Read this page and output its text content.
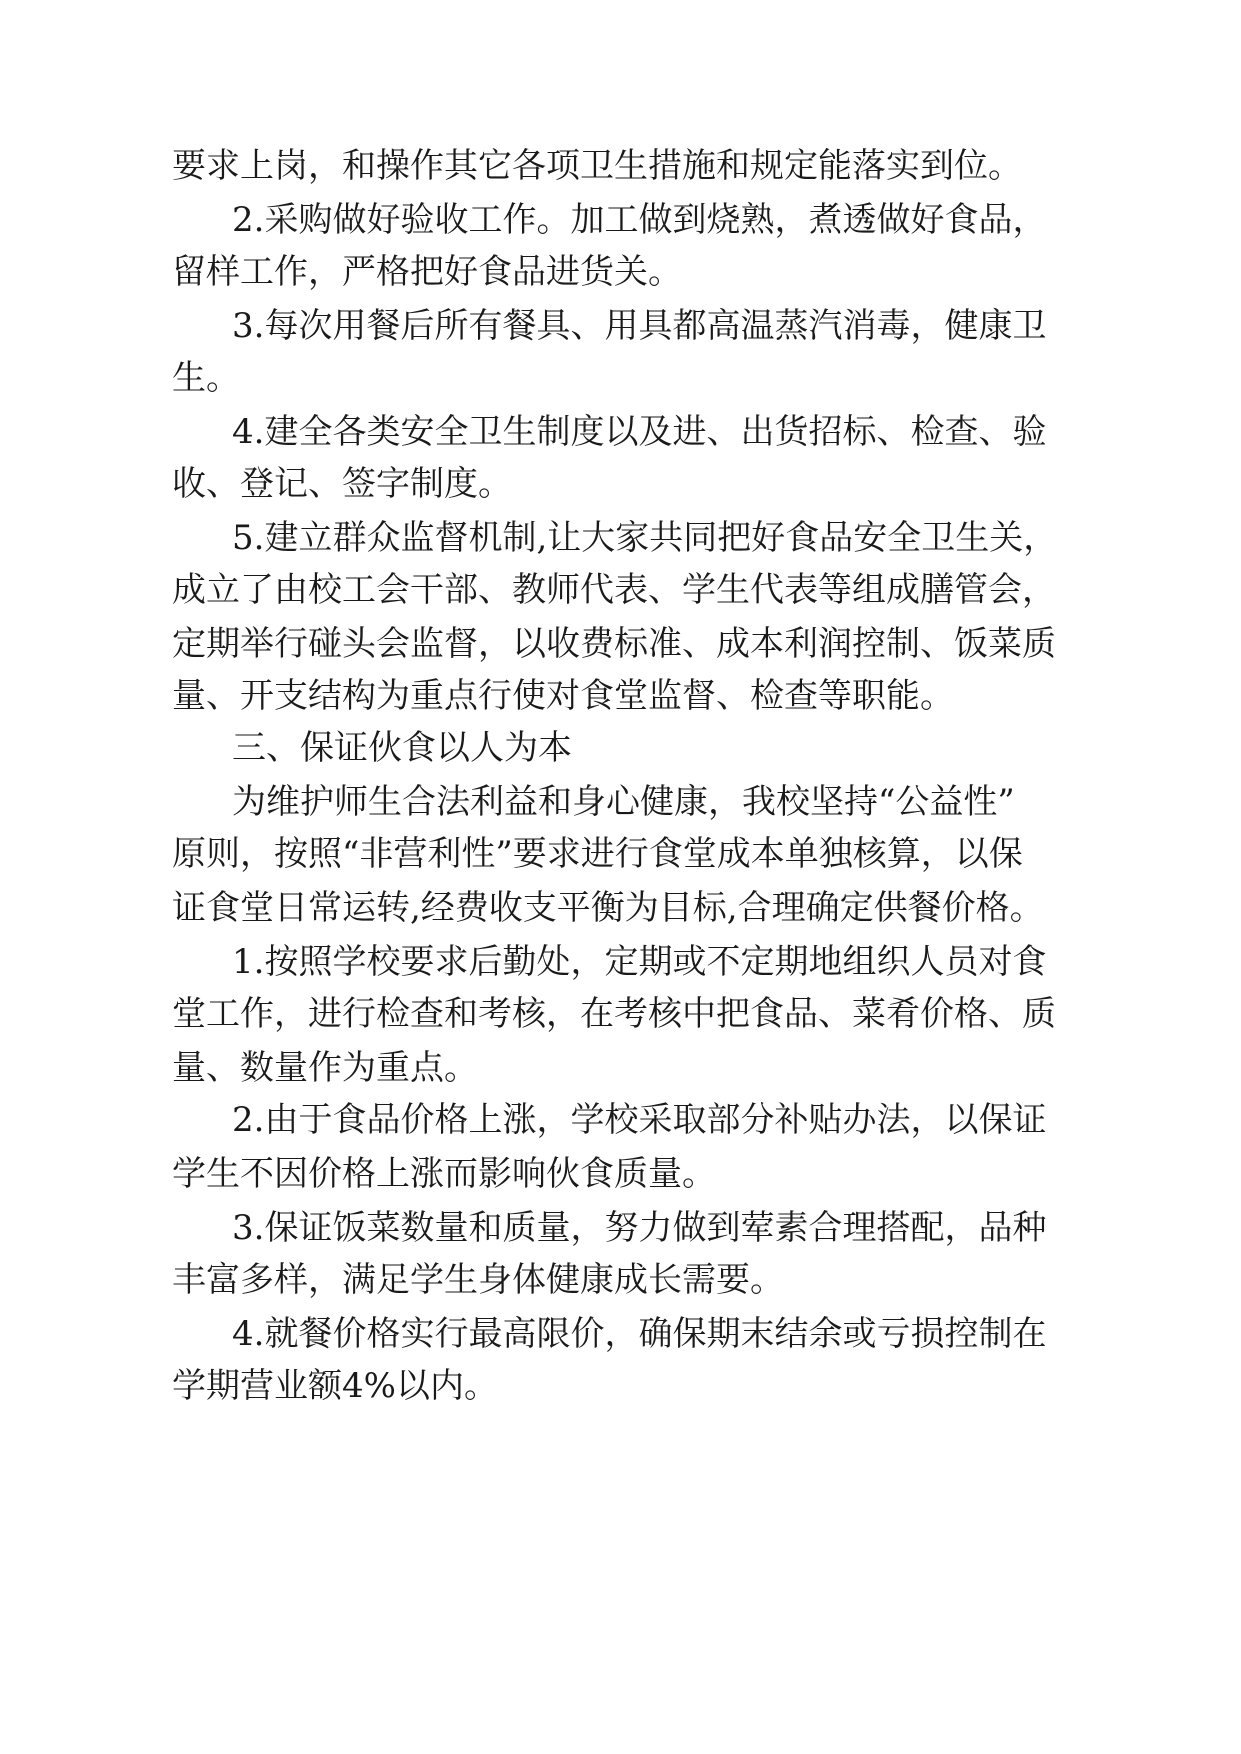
要求上岗，和操作其它各项卫生措施和规定能落实到位。
2.采购做好验收工作。加工做到烧熟，煮透做好食品，
留样工作，严格把好食品进货关。
3.每次用餐后所有餐具、用具都高温蒸汽消毒，健康卫
生。
4.建全各类安全卫生制度以及进、出货招标、检查、验
收、登记、签字制度。
5.建立群众监督机制,让大家共同把好食品安全卫生关，
成立了由校工会干部、教师代表、学生代表等组成膳管会，
定期举行碰头会监督，以收费标准、成本利润控制、饭菜质
量、开支结构为重点行使对食堂监督、检查等职能。
三、保证伙食以人为本
为维护师生合法利益和身心健康，我校坚持“公益性”
原则，按照“非营利性”要求进行食堂成本单独核算，以保
证食堂日常运转,经费收支平衡为目标,合理确定供餐价格。
1.按照学校要求后勤处，定期或不定期地组织人员对食
堂工作，进行检查和考核，在考核中把食品、菜肴价格、质
量、数量作为重点。
2.由于食品价格上涨，学校采取部分补贴办法，以保证
学生不因价格上涨而影响伙食质量。
3.保证饭菜数量和质量，努力做到荤素合理搭配，品种
丰富多样，满足学生身体健康成长需要。
4.就餐价格实行最高限价，确保期末结余或亏损控制在
学期营业额4%以内。
